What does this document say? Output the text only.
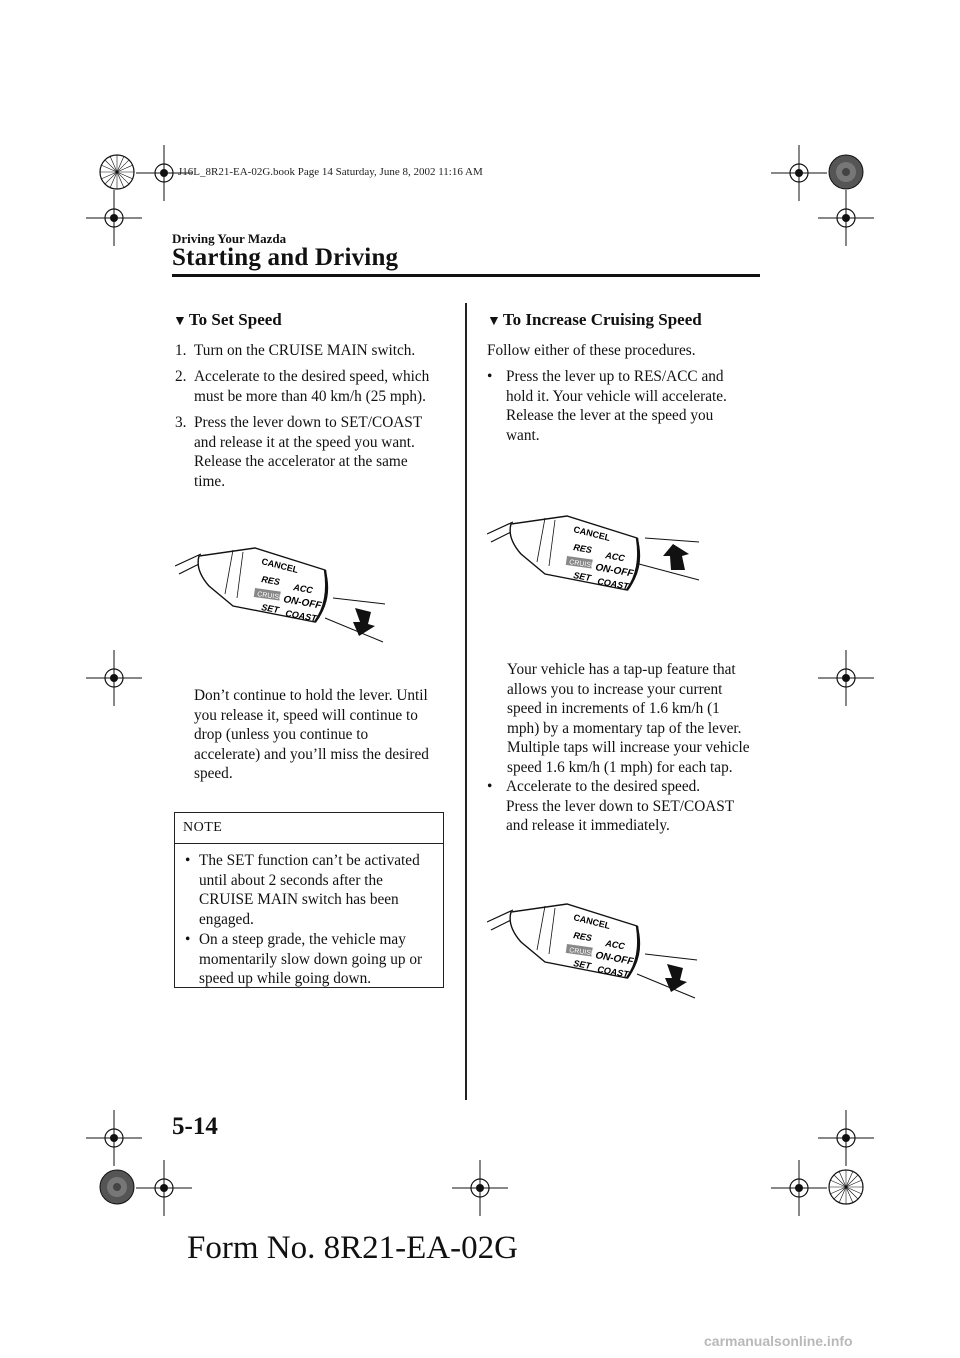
J16L_8R21-EA-02G.book Page 14 Saturday, June 8, 2002 11:16 AM
Driving Your Mazda
Starting and Driving
▼ To Set Speed
1. Turn on the CRUISE MAIN switch.
2. Accelerate to the desired speed, which
must be more than 40 km/h (25 mph).
3. Press the lever down to SET/COAST
and release it at the speed you want.
Release the accelerator at the same
time.
CANCEL
RES
ACC
CRUISE
ON-OFF
SET COAST
Don’t continue to hold the lever. Until
you release it, speed will continue to
drop (unless you continue to
accelerate) and you’ll miss the desired
speed.
NOTE
• The SET function can’t be activated
until about 2 seconds after the
CRUISE MAIN switch has been
engaged.
• On a steep grade, the vehicle may
momentarily slow down going up or
speed up while going down.
▼ To Increase Cruising Speed
Follow either of these procedures.
• Press the lever up to RES/ACC and
hold it. Your vehicle will accelerate.
Release the lever at the speed you
want.
CANCEL
RES
ACC
CRUISE
ON-OFF
SET COAST
Your vehicle has a tap-up feature that
allows you to increase your current
speed in increments of 1.6 km/h (1
mph) by a momentary tap of the lever.
Multiple taps will increase your vehicle
speed 1.6 km/h (1 mph) for each tap.
• Accelerate to the desired speed.
Press the lever down to SET/COAST
and release it immediately.
CANCEL
RES
ACC
CRUISE
ON-OFF
SET COAST
5-14
Form No. 8R21-EA-02G
carmanualsonline.info
